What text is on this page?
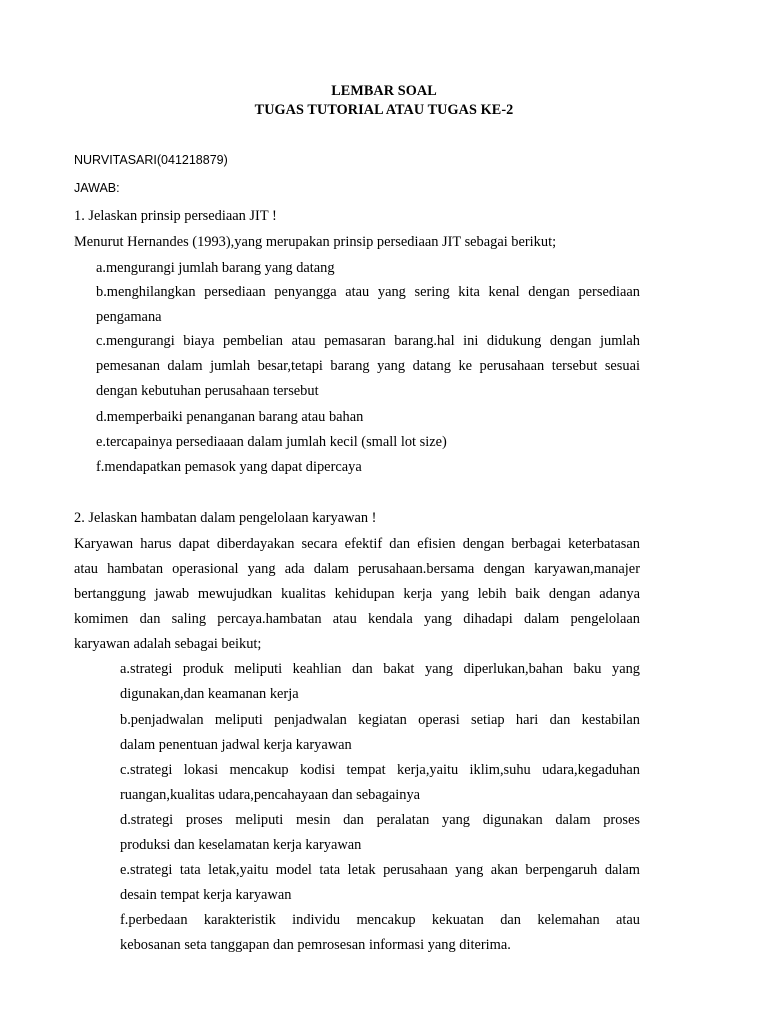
LEMBAR SOAL
TUGAS TUTORIAL ATAU TUGAS KE-2
NURVITASARI(041218879)
JAWAB:
1. Jelaskan prinsip persediaan JIT !
Menurut Hernandes (1993),yang merupakan prinsip persediaan JIT sebagai berikut;
a.mengurangi jumlah barang yang datang
b.menghilangkan persediaan penyangga atau yang sering kita kenal dengan persediaan
pengamana
c.mengurangi biaya pembelian atau pemasaran barang.hal ini didukung dengan jumlah
pemesanan dalam jumlah besar,tetapi barang yang datang ke perusahaan tersebut sesuai
dengan kebutuhan perusahaan tersebut
d.memperbaiki penanganan barang atau bahan
e.tercapainya persediaaan dalam jumlah kecil (small lot size)
f.mendapatkan pemasok yang dapat dipercaya
2. Jelaskan hambatan dalam pengelolaan karyawan !
Karyawan harus dapat diberdayakan secara efektif dan efisien dengan berbagai keterbatasan
atau hambatan operasional yang ada dalam perusahaan.bersama dengan karyawan,manajer
bertanggung jawab mewujudkan kualitas kehidupan kerja yang lebih baik dengan adanya
komimen dan saling percaya.hambatan atau kendala yang dihadapi dalam pengelolaan
karyawan adalah sebagai beikut;
a.strategi produk meliputi keahlian dan bakat yang diperlukan,bahan baku yang
digunakan,dan keamanan kerja
b.penjadwalan meliputi penjadwalan kegiatan operasi setiap hari dan kestabilan
dalam penentuan jadwal kerja karyawan
c.strategi lokasi mencakup kodisi tempat kerja,yaitu iklim,suhu udara,kegaduhan
ruangan,kualitas udara,pencahayaan dan sebagainya
d.strategi proses meliputi mesin dan peralatan yang digunakan dalam proses
produksi dan keselamatan kerja karyawan
e.strategi tata letak,yaitu model tata letak perusahaan yang akan berpengaruh dalam
desain tempat kerja karyawan
f.perbedaan karakteristik individu mencakup kekuatan dan kelemahan atau
kebosanan seta tanggapan dan pemrosesan informasi yang diterima.
